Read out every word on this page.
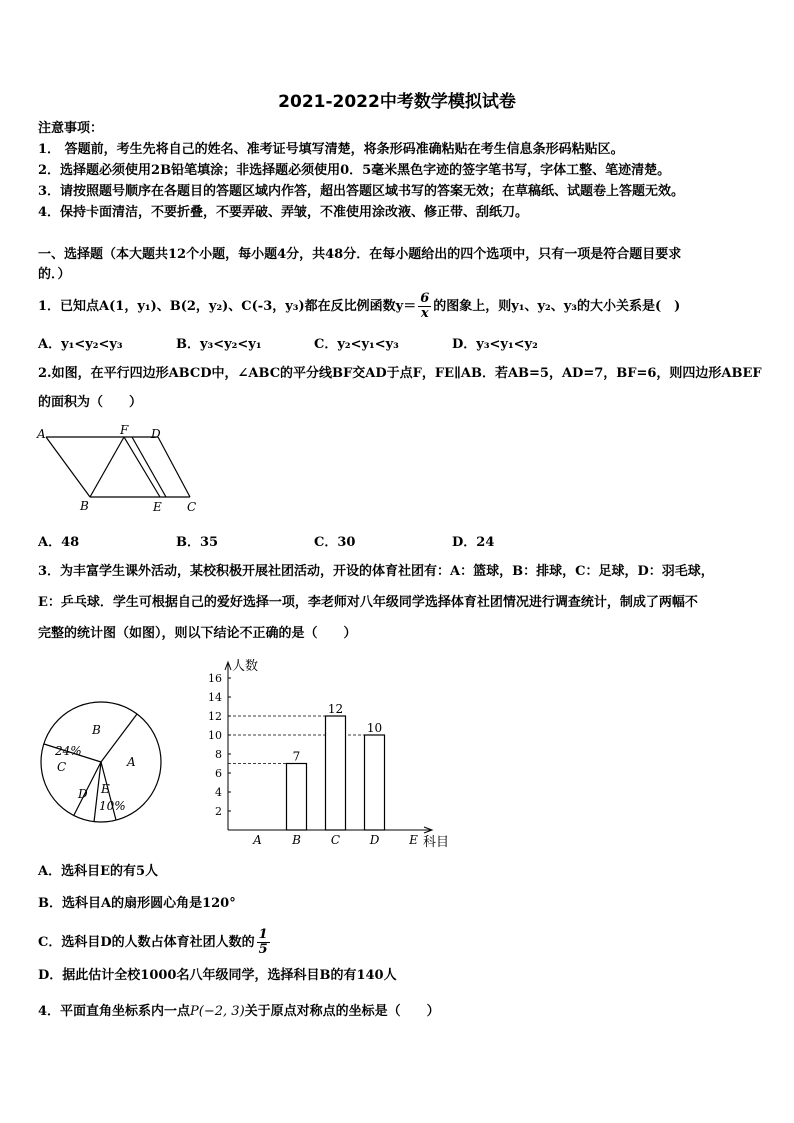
2021-2022中考数学模拟试卷
注意事项：
1． 答题前，考生先将自己的姓名、准考证号填写清楚，将条形码准确粘贴在考生信息条形码粘贴区。
2．选择题必须使用2B铅笔填涂；非选择题必须使用0．5毫米黑色字迹的签字笔书写，字体工整、笔迹清楚。
3．请按照题号顺序在各题目的答题区域内作答，超出答题区域书写的答案无效；在草稿纸、试题卷上答题无效。
4．保持卡面清洁，不要折叠，不要弄破、弄皱，不准使用涂改液、修正带、刮纸刀。
一、选择题（本大题共12个小题，每小题4分，共48分．在每小题给出的四个选项中，只有一项是符合题目要求
的．）
1．已知点A(1，y₁)、B(2，y₂)、C(-3，y₃)都在反比例函数$y= \frac{6}{x}$ 的图象上，则y₁、y₂、y₃的大小关系是(　)
A．y₁<y₂<y₃	B．y₃<y₂<y₁	C．y₂<y₁<y₃	D．y₃<y₁<y₂
2.如图，在平行四边形ABCD中，∠ABC的平分线BF交AD于点F，FE∥AB．若AB=5，AD=7，BF=6，则四边形ABEF
的面积为（　　）
A	F D
B	E C
A．48	B．35	C．30	D．24
3．为丰富学生课外活动，某校积极开展社团活动，开设的体育社团有：A：篮球，B：排球，C：足球，D：羽毛球，
E：乒乓球．学生可根据自己的爱好选择一项，李老师对八年级同学选择体育社团情况进行调查统计，制成了两幅不
完整的统计图（如图），则以下结论不正确的是（　　）
B
A
24%
C
D E
10%	2
4
6
8
10
12
14
16
A	B C D E
7
12
10
人数
科目
A．选科目E的有5人
B．选科目A的扇形圆心角是120°
C．选科目D的人数占体育社团人数的 $\frac{1}{5}$
D．据此估计全校1000名八年级同学，选择科目B的有140人
4．平面直角坐标系内一点P(−2, 3)关于原点对称点的坐标是（　　）
